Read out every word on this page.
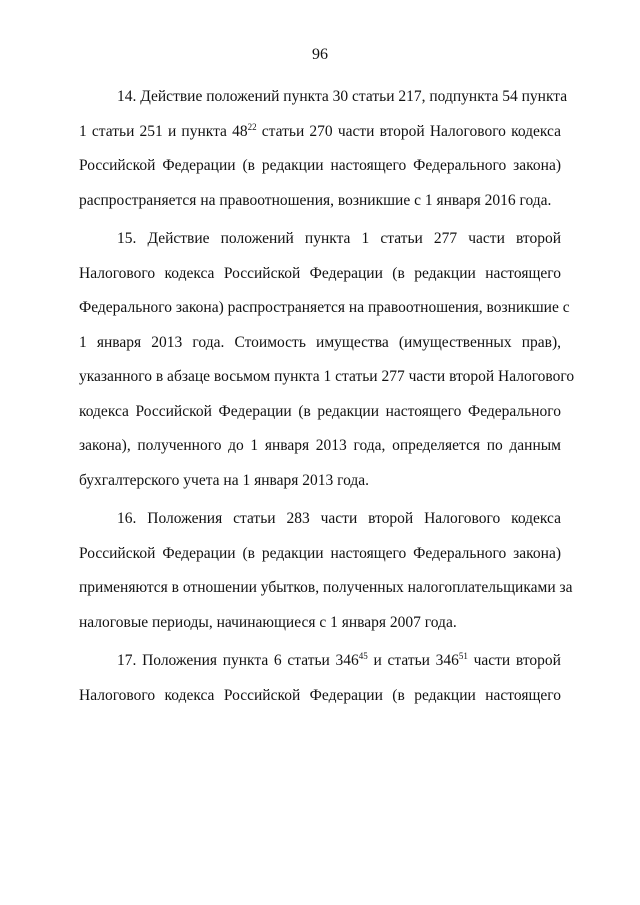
96
14. Действие положений пункта 30 статьи 217, подпункта 54 пункта
1 статьи 251 и пункта $48^{22}$ статьи 270 части второй Налогового кодекса
Российской Федерации (в редакции настоящего Федерального закона)
распространяется на правоотношения, возникшие с 1 января 2016 года.
15. Действие положений пункта 1 статьи 277 части второй
Налогового кодекса Российской Федерации (в редакции настоящего
Федерального закона) распространяется на правоотношения, возникшие с
1 января 2013 года. Стоимость имущества (имущественных прав),
указанного в абзаце восьмом пункта 1 статьи 277 части второй Налогового
кодекса Российской Федерации (в редакции настоящего Федерального
закона), полученного до 1 января 2013 года, определяется по данным
бухгалтерского учета на 1 января 2013 года.
16. Положения статьи 283 части второй Налогового кодекса
Российской Федерации (в редакции настоящего Федерального закона)
применяются в отношении убытков, полученных налогоплательщиками за
налоговые периоды, начинающиеся с 1 января 2007 года.
17. Положения пункта 6 статьи $346^{45}$ и статьи $346^{51}$ части второй
Налогового кодекса Российской Федерации (в редакции настоящего
